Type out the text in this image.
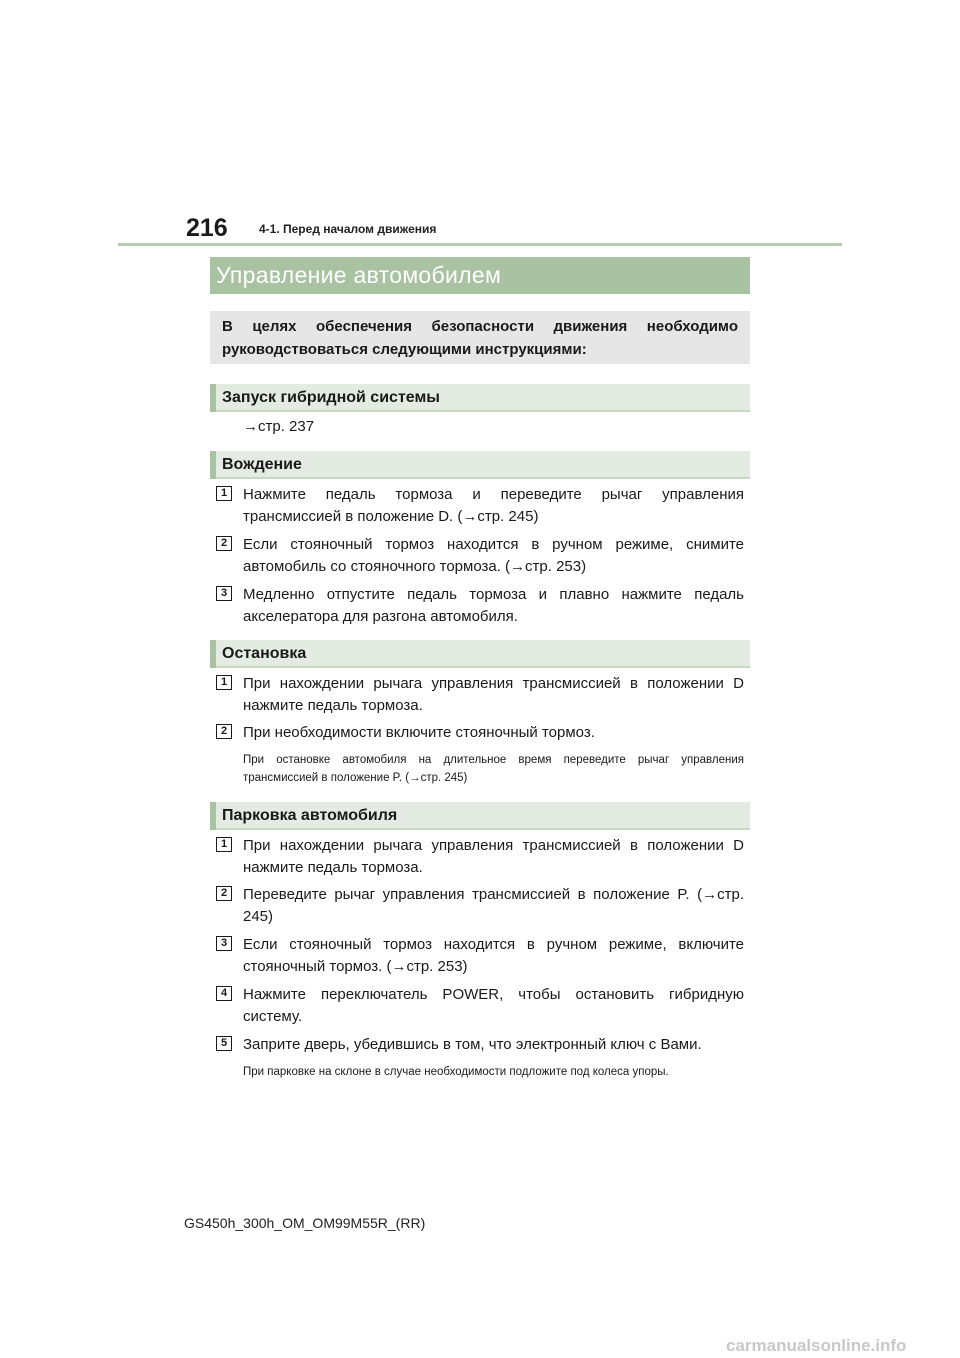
216	4-1. Перед началом движения
Управление автомобилем
В целях обеспечения безопасности движения необходимо руководствоваться следующими инструкциями:
Запуск гибридной системы
→стр. 237
Вождение
1	Нажмите педаль тормоза и переведите рычаг управления трансмиссией в положение D. (→стр. 245)
2	Если стояночный тормоз находится в ручном режиме, снимите автомобиль со стояночного тормоза. (→стр. 253)
3	Медленно отпустите педаль тормоза и плавно нажмите педаль акселератора для разгона автомобиля.
Остановка
1	При нахождении рычага управления трансмиссией в положении D нажмите педаль тормоза.
2	При необходимости включите стояночный тормоз.
При остановке автомобиля на длительное время переведите рычаг управления трансмиссией в положение P. (→стр. 245)
Парковка автомобиля
1	При нахождении рычага управления трансмиссией в положении D нажмите педаль тормоза.
2	Переведите рычаг управления трансмиссией в положение P. (→стр. 245)
3	Если стояночный тормоз находится в ручном режиме, включите стояночный тормоз. (→стр. 253)
4	Нажмите переключатель POWER, чтобы остановить гибридную систему.
5	Заприте дверь, убедившись в том, что электронный ключ с Вами.
При парковке на склоне в случае необходимости подложите под колеса упоры.
GS450h_300h_OM_OM99M55R_(RR)
carmanualsonline.info
